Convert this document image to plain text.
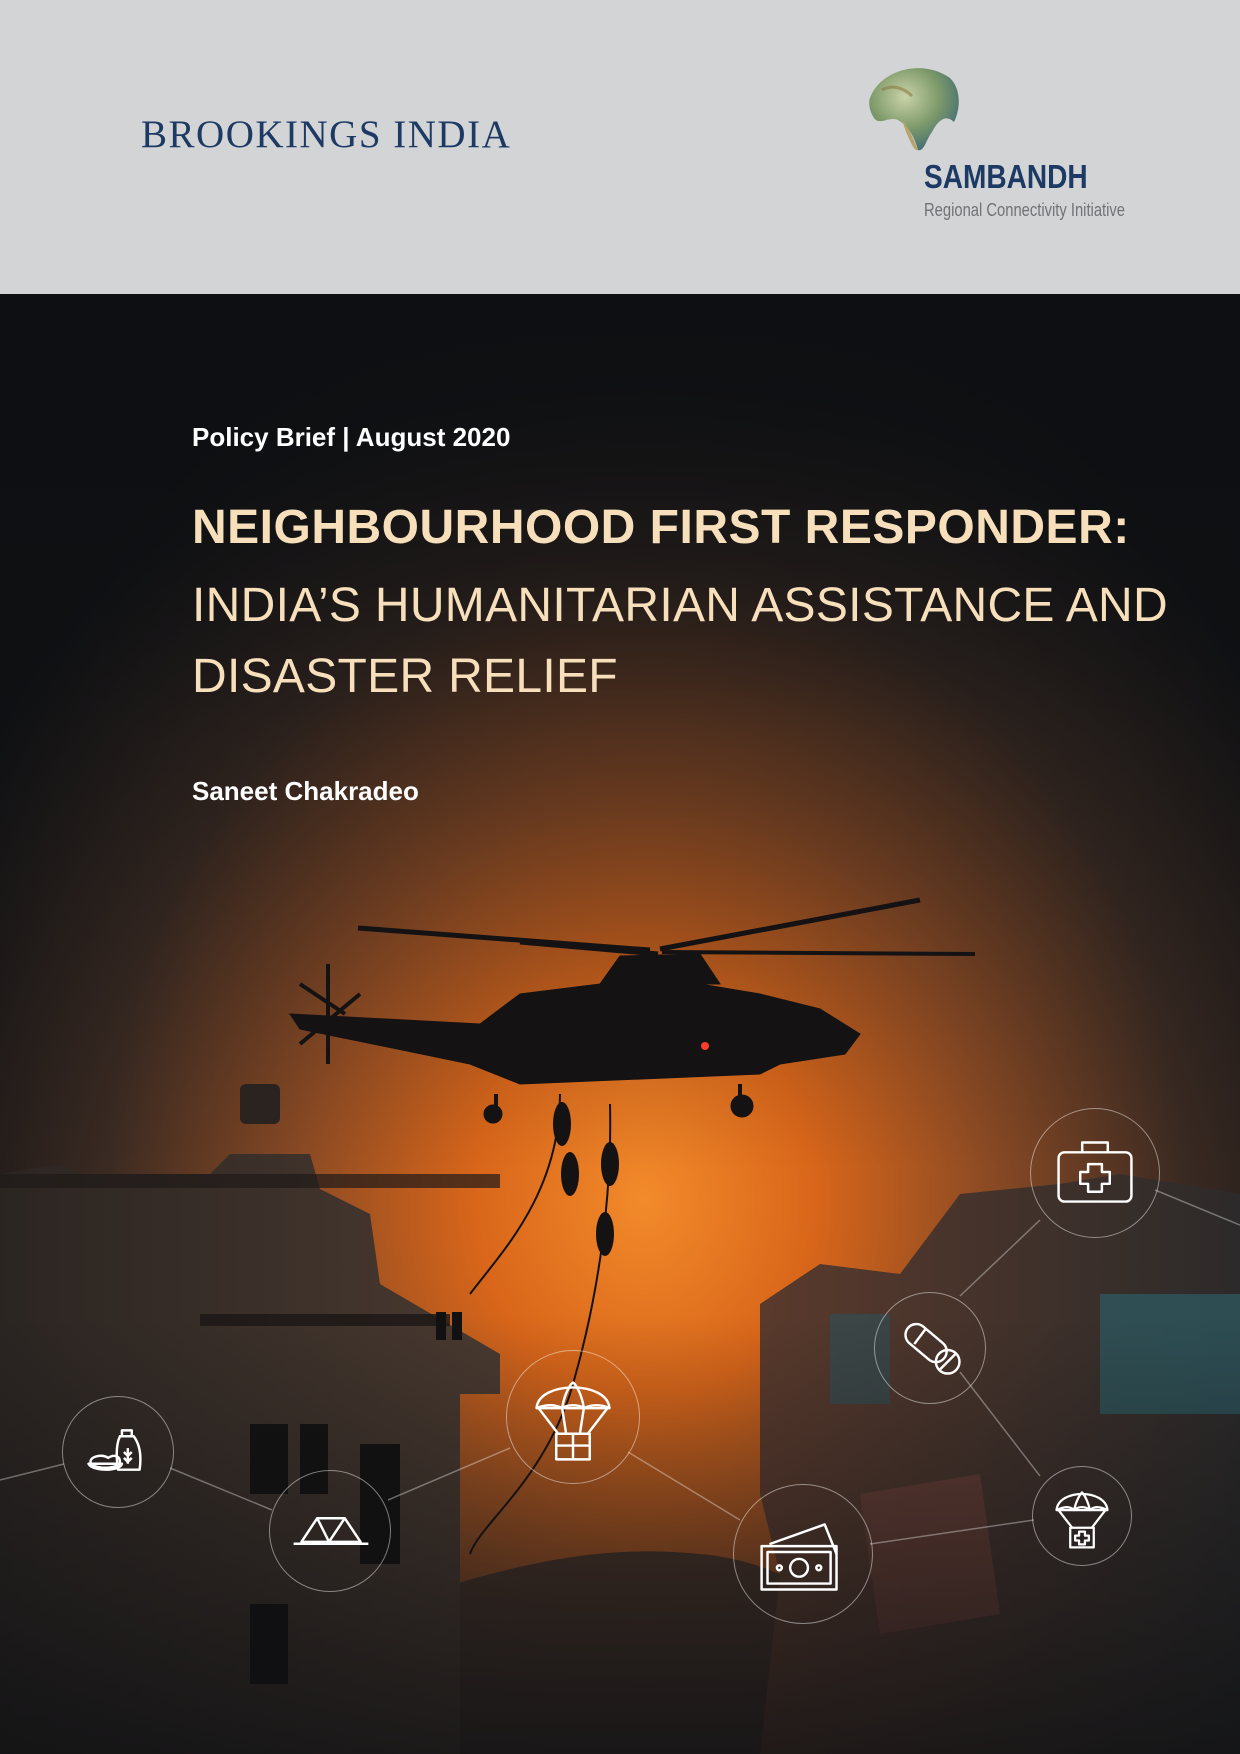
BROOKINGS INDIA
SAMBANDH
Regional Connectivity Initiative
Policy Brief | August 2020
NEIGHBOURHOOD FIRST RESPONDER:
INDIA’S HUMANITARIAN ASSISTANCE AND DISASTER RELIEF
Saneet Chakradeo
